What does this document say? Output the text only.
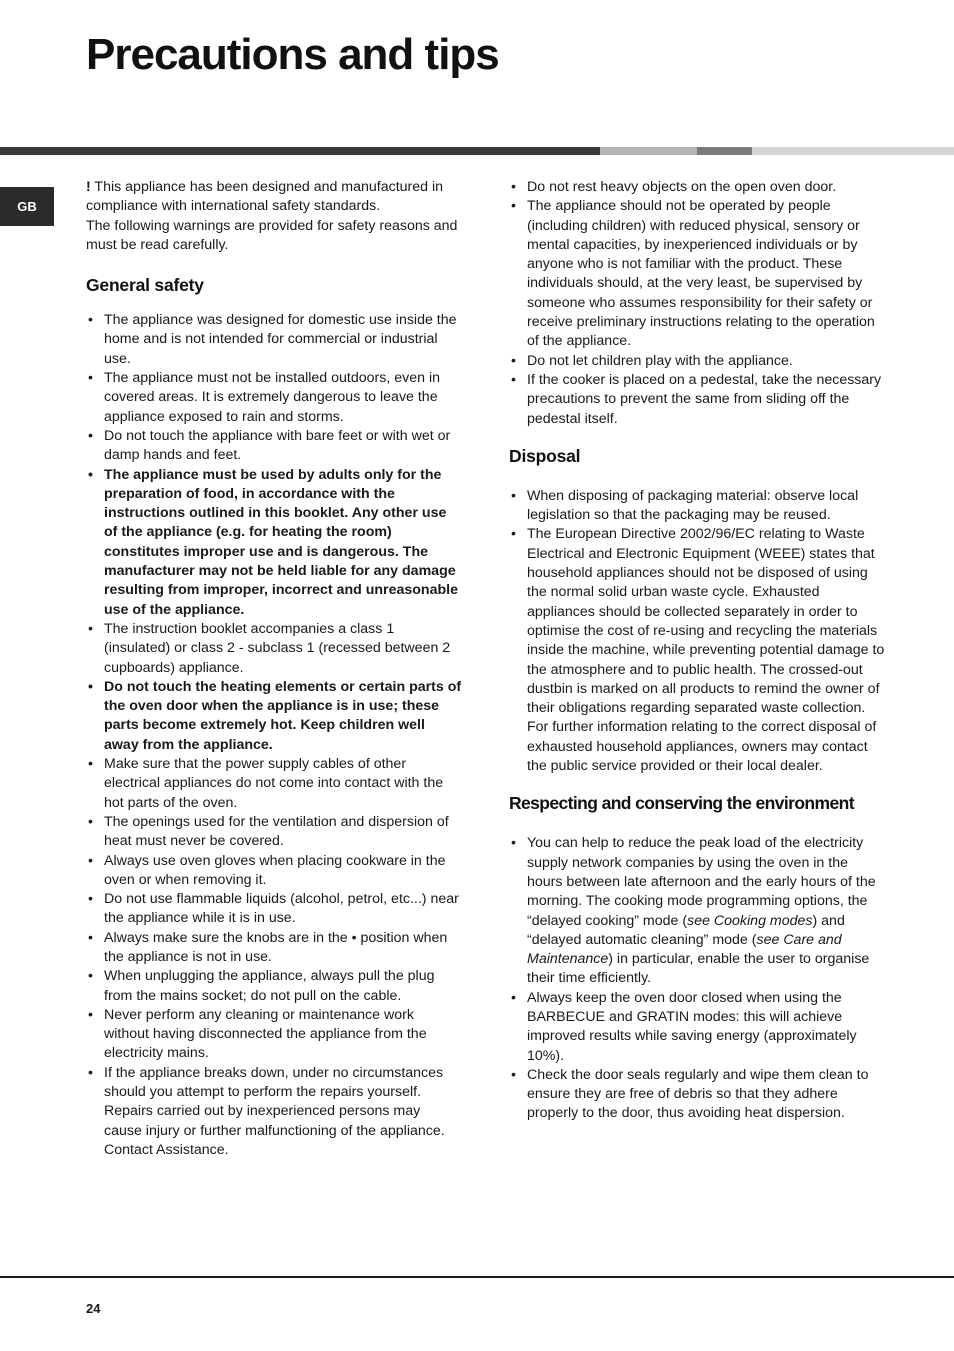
Precautions and tips
GB

! This appliance has been designed and manufactured in compliance with international safety standards.

The following warnings are provided for safety reasons and must be read carefully.

General safety
• The appliance was designed for domestic use inside the home and is not intended for commercial or industrial use.
• The appliance must not be installed outdoors, even in covered areas. It is extremely dangerous to leave the appliance exposed to rain and storms.
• Do not touch the appliance with bare feet or with wet or damp hands and feet.
• The appliance must be used by adults only for the preparation of food, in accordance with the instructions outlined in this booklet. Any other use of the appliance (e.g. for heating the room) constitutes improper use and is dangerous. The manufacturer may not be held liable for any damage resulting from improper, incorrect and unreasonable use of the appliance.
• The instruction booklet accompanies a class 1 (insulated) or class 2 - subclass 1 (recessed between 2 cupboards) appliance.
• Do not touch the heating elements or certain parts of the oven door when the appliance is in use; these parts become extremely hot. Keep children well away from the appliance.
• Make sure that the power supply cables of other electrical appliances do not come into contact with the hot parts of the oven.
• The openings used for the ventilation and dispersion of heat must never be covered.
• Always use oven gloves when placing cookware in the oven or when removing it.
• Do not use flammable liquids (alcohol, petrol, etc...) near the appliance while it is in use.
• Always make sure the knobs are in the • position when the appliance is not in use.
• When unplugging the appliance, always pull the plug from the mains socket; do not pull on the cable.
• Never perform any cleaning or maintenance work without having disconnected the appliance from the electricity mains.
• If the appliance breaks down, under no circumstances should you attempt to perform the repairs yourself. Repairs carried out by inexperienced persons may cause injury or further malfunctioning of the appliance. Contact Assistance.
• Do not rest heavy objects on the open oven door.
• The appliance should not be operated by people (including children) with reduced physical, sensory or mental capacities, by inexperienced individuals or by anyone who is not familiar with the product. These individuals should, at the very least, be supervised by someone who assumes responsibility for their safety or receive preliminary instructions relating to the operation of the appliance.
• Do not let children play with the appliance.
• If the cooker is placed on a pedestal, take the necessary precautions to prevent the same from sliding off the pedestal itself.
Disposal
• When disposing of packaging material: observe local legislation so that the packaging may be reused.
• The European Directive 2002/96/EC relating to Waste Electrical and Electronic Equipment (WEEE) states that household appliances should not be disposed of using the normal solid urban waste cycle. Exhausted appliances should be collected separately in order to optimise the cost of re-using and recycling the materials inside the machine, while preventing potential damage to the atmosphere and to public health. The crossed-out dustbin is marked on all products to remind the owner of their obligations regarding separated waste collection. For further information relating to the correct disposal of exhausted household appliances, owners may contact the public service provided or their local dealer.
Respecting and conserving the environment
• You can help to reduce the peak load of the electricity supply network companies by using the oven in the hours between late afternoon and the early hours of the morning. The cooking mode programming options, the “delayed cooking” mode (see Cooking modes) and “delayed automatic cleaning” mode (see Care and Maintenance) in particular, enable the user to organise their time efficiently.
• Always keep the oven door closed when using the BARBECUE and GRATIN modes: this will achieve improved results while saving energy (approximately 10%).
• Check the door seals regularly and wipe them clean to ensure they are free of debris so that they adhere properly to the door, thus avoiding heat dispersion.
24
